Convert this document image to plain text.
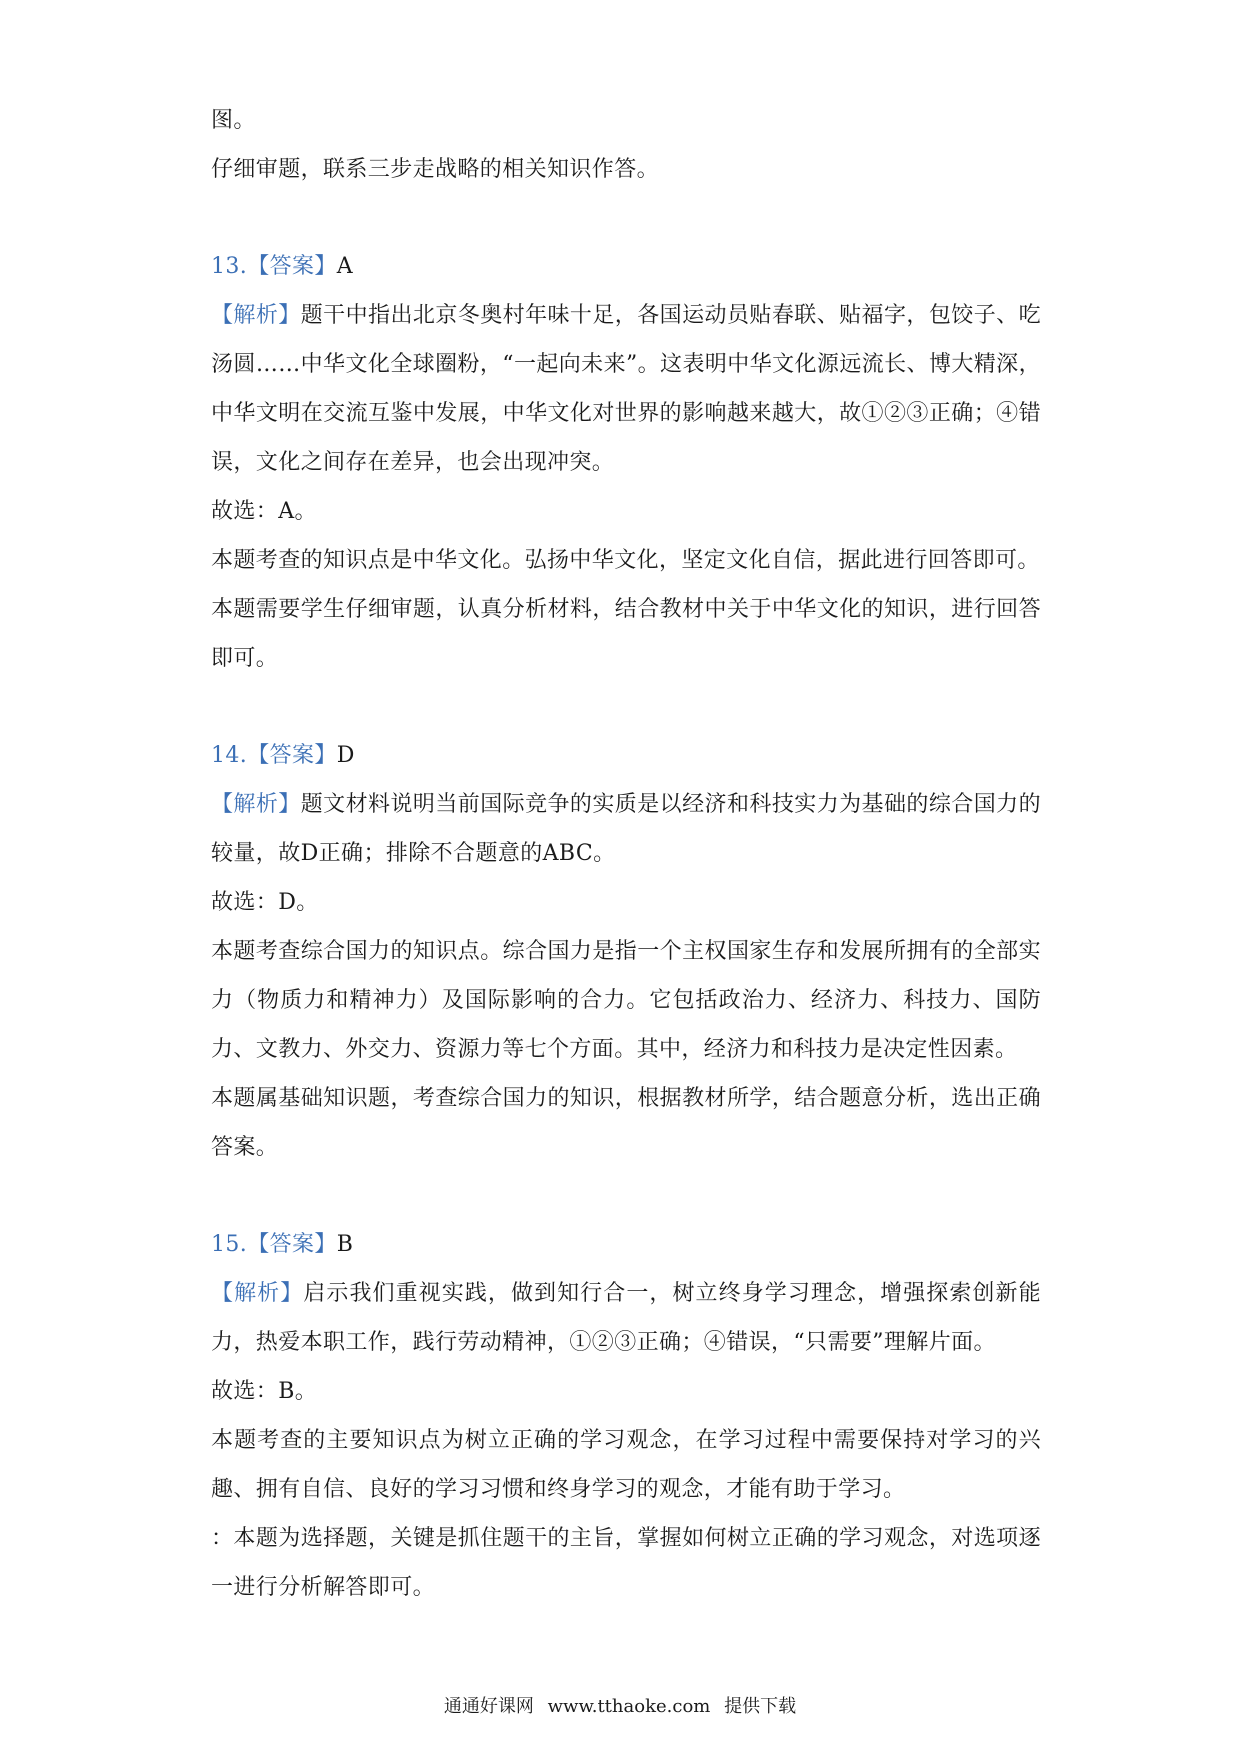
图。
仔细审题，联系三步走战略的相关知识作答。
13.【答案】A
【解析】题干中指出北京冬奥村年味十足，各国运动员贴春联、贴福字，包饺子、吃汤圆……中华文化全球圈粉，“一起向未来”。这表明中华文化源远流长、博大精深，中华文明在交流互鉴中发展，中华文化对世界的影响越来越大，故①②③正确；④错误，文化之间存在差异，也会出现冲突。
故选：A。
本题考查的知识点是中华文化。弘扬中华文化，坚定文化自信，据此进行回答即可。
本题需要学生仔细审题，认真分析材料，结合教材中关于中华文化的知识，进行回答即可。
14.【答案】D
【解析】题文材料说明当前国际竞争的实质是以经济和科技实力为基础的综合国力的较量，故D正确；排除不合题意的ABC。
故选：D。
本题考查综合国力的知识点。综合国力是指一个主权国家生存和发展所拥有的全部实力（物质力和精神力）及国际影响的合力。它包括政治力、经济力、科技力、国防力、文教力、外交力、资源力等七个方面。其中，经济力和科技力是决定性因素。
本题属基础知识题，考查综合国力的知识，根据教材所学，结合题意分析，选出正确答案。
15.【答案】B
【解析】启示我们重视实践，做到知行合一，树立终身学习理念，增强探索创新能力，热爱本职工作，践行劳动精神，①②③正确；④错误，“只需要”理解片面。
故选：B。
本题考查的主要知识点为树立正确的学习观念，在学习过程中需要保持对学习的兴趣、拥有自信、良好的学习习惯和终身学习的观念，才能有助于学习。
：本题为选择题，关键是抓住题干的主旨，掌握如何树立正确的学习观念，对选项逐一进行分析解答即可。
通通好课网 www.tthaoke.com 提供下载
